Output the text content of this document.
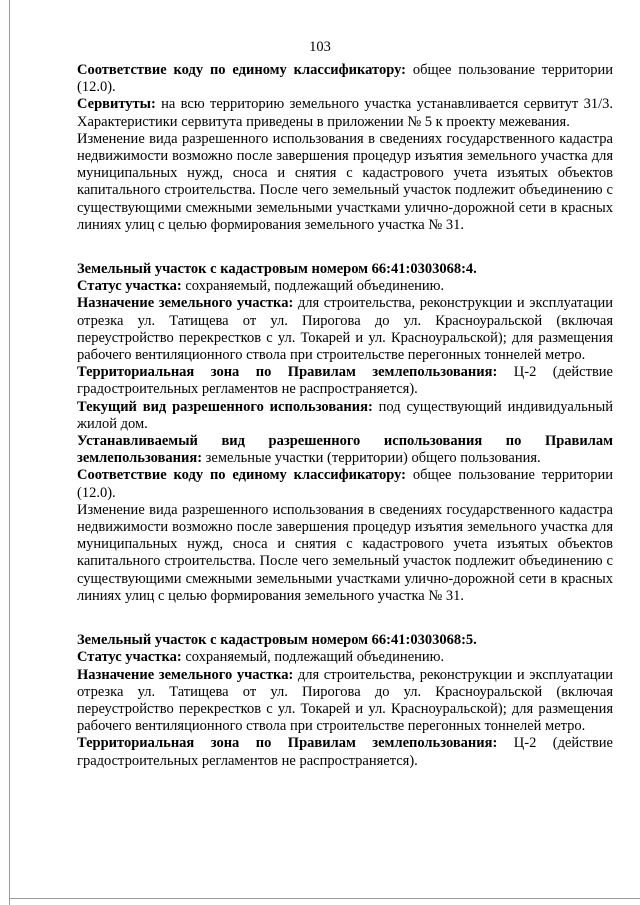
103

Соответствие коду по единому классификатору: общее пользование территории (12.0).

Сервитуты: на всю территорию земельного участка устанавливается сервитут 31/3. Характеристики сервитута приведены в приложении № 5 к проекту межевания.

Изменение вида разрешенного использования в сведениях государственного кадастра недвижимости возможно после завершения процедур изъятия земельного участка для муниципальных нужд, сноса и снятия с кадастрового учета изъятых объектов капитального строительства. После чего земельный участок подлежит объединению с существующими смежными земельными участками улично-дорожной сети в красных линиях улиц с целью формирования земельного участка № 31.

Земельный участок с кадастровым номером 66:41:0303068:4.

Статус участка: сохраняемый, подлежащий объединению.

Назначение земельного участка: для строительства, реконструкции и эксплуатации отрезка ул. Татищева от ул. Пирогова до ул. Красноуральской (включая переустройство перекрестков с ул. Токарей и ул. Красноуральской); для размещения рабочего вентиляционного ствола при строительстве перегонных тоннелей метро.

Территориальная зона по Правилам землепользования: Ц-2 (действие градостроительных регламентов не распространяется).

Текущий вид разрешенного использования: под существующий индивидуальный жилой дом.

Устанавливаемый вид разрешенного использования по Правилам землепользования: земельные участки (территории) общего пользования.

Соответствие коду по единому классификатору: общее пользование территории (12.0).

Изменение вида разрешенного использования в сведениях государственного кадастра недвижимости возможно после завершения процедур изъятия земельного участка для муниципальных нужд, сноса и снятия с кадастрового учета изъятых объектов капитального строительства. После чего земельный участок подлежит объединению с существующими смежными земельными участками улично-дорожной сети в красных линиях улиц с целью формирования земельного участка № 31.

Земельный участок с кадастровым номером 66:41:0303068:5.

Статус участка: сохраняемый, подлежащий объединению.

Назначение земельного участка: для строительства, реконструкции и эксплуатации отрезка ул. Татищева от ул. Пирогова до ул. Красноуральской (включая переустройство перекрестков с ул. Токарей и ул. Красноуральской); для размещения рабочего вентиляционного ствола при строительстве перегонных тоннелей метро.

Территориальная зона по Правилам землепользования: Ц-2 (действие градостроительных регламентов не распространяется).
